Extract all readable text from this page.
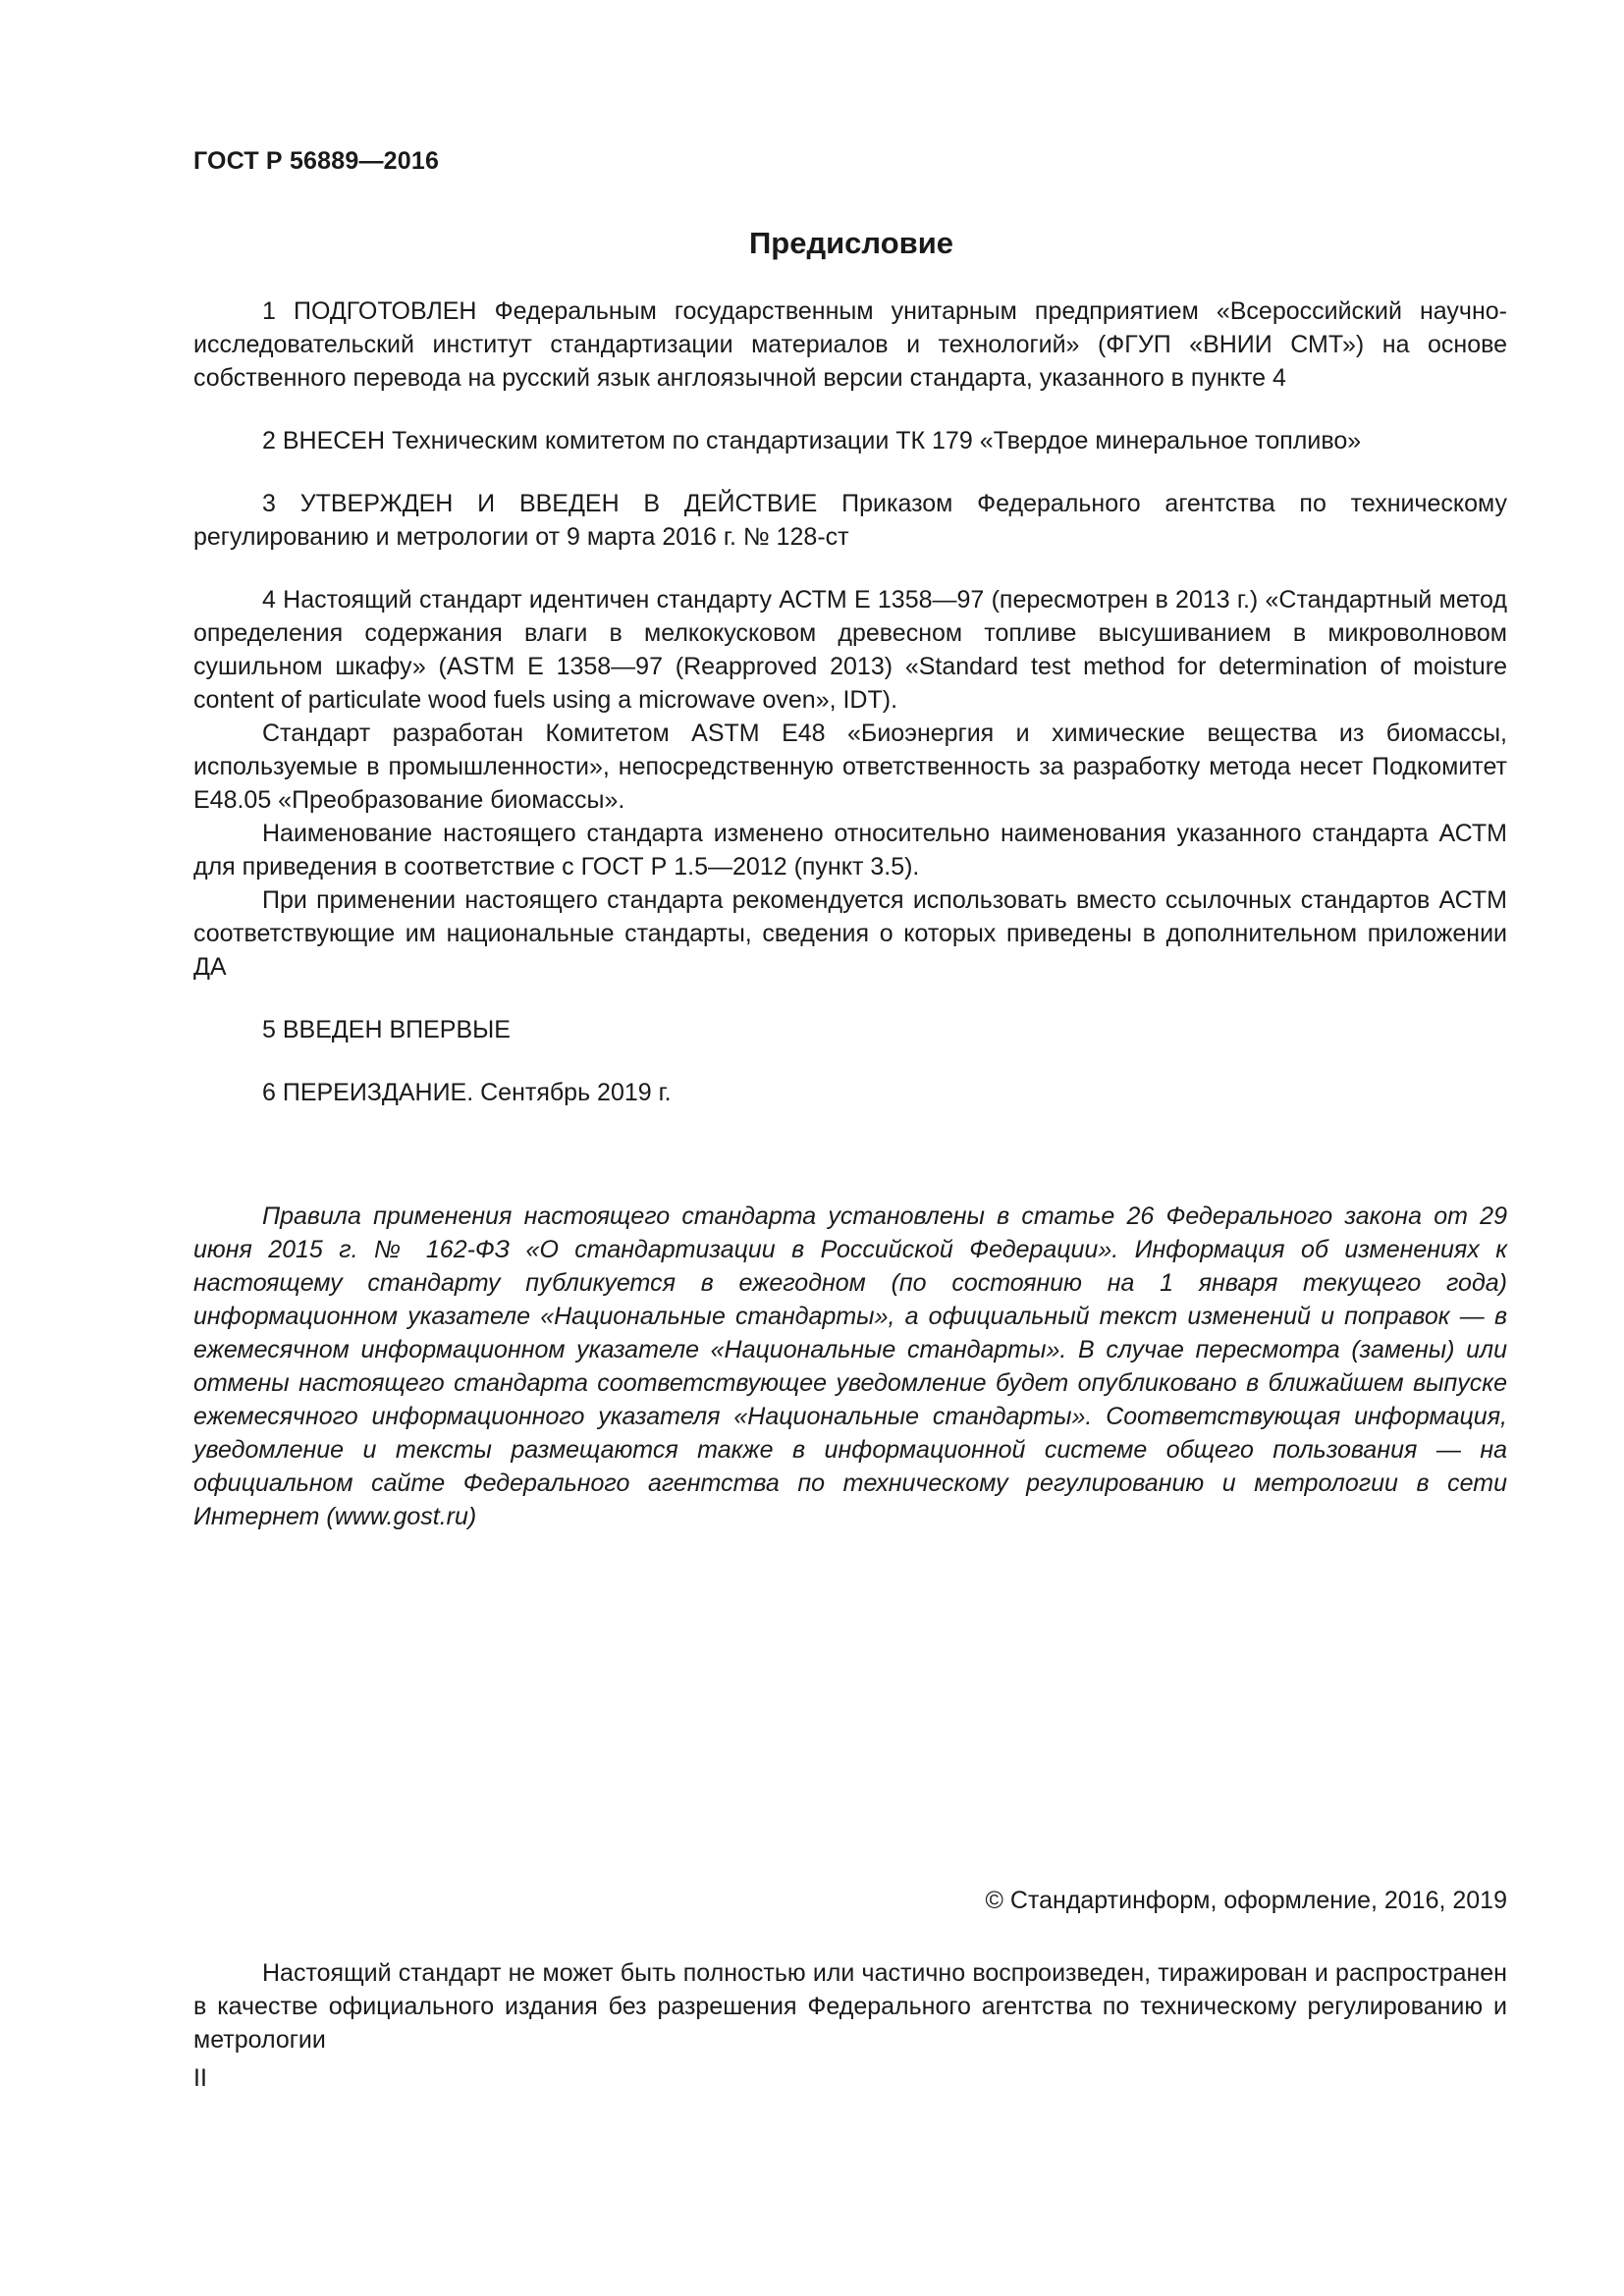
ГОСТ Р 56889—2016
Предисловие

1 ПОДГОТОВЛЕН Федеральным государственным унитарным предприятием «Всероссийский научно-исследовательский институт стандартизации материалов и технологий» (ФГУП «ВНИИ СМТ») на основе собственного перевода на русский язык англоязычной версии стандарта, указанного в пункте 4

2 ВНЕСЕН Техническим комитетом по стандартизации ТК 179 «Твердое минеральное топливо»

3 УТВЕРЖДЕН И ВВЕДЕН В ДЕЙСТВИЕ Приказом Федерального агентства по техническому регулированию и метрологии от 9 марта 2016 г. № 128-ст

4 Настоящий стандарт идентичен стандарту АСТМ Е 1358—97 (пересмотрен в 2013 г.) «Стандартный метод определения содержания влаги в мелкокусковом древесном топливе высушиванием в микроволновом сушильном шкафу» (ASTM E 1358—97 (Reapproved 2013) «Standard test method for determination of moisture content of particulate wood fuels using a microwave oven», IDT).

Стандарт разработан Комитетом ASTM E48 «Биоэнергия и химические вещества из биомассы, используемые в промышленности», непосредственную ответственность за разработку метода несет Подкомитет E48.05 «Преобразование биомассы».

Наименование настоящего стандарта изменено относительно наименования указанного стандарта АСТМ для приведения в соответствие с ГОСТ Р 1.5—2012 (пункт 3.5).

При применении настоящего стандарта рекомендуется использовать вместо ссылочных стандартов АСТМ соответствующие им национальные стандарты, сведения о которых приведены в дополнительном приложении ДА

5 ВВЕДЕН ВПЕРВЫЕ

6 ПЕРЕИЗДАНИЕ. Сентябрь 2019 г.

Правила применения настоящего стандарта установлены в статье 26 Федерального закона от 29 июня 2015 г. № 162-ФЗ «О стандартизации в Российской Федерации». Информация об изменениях к настоящему стандарту публикуется в ежегодном (по состоянию на 1 января текущего года) информационном указателе «Национальные стандарты», а официальный текст изменений и поправок — в ежемесячном информационном указателе «Национальные стандарты». В случае пересмотра (замены) или отмены настоящего стандарта соответствующее уведомление будет опубликовано в ближайшем выпуске ежемесячного информационного указателя «Национальные стандарты». Соответствующая информация, уведомление и тексты размещаются также в информационной системе общего пользования — на официальном сайте Федерального агентства по техническому регулированию и метрологии в сети Интернет (www.gost.ru)

© Стандартинформ, оформление, 2016, 2019

Настоящий стандарт не может быть полностью или частично воспроизведен, тиражирован и распространен в качестве официального издания без разрешения Федерального агентства по техническому регулированию и метрологии

II
